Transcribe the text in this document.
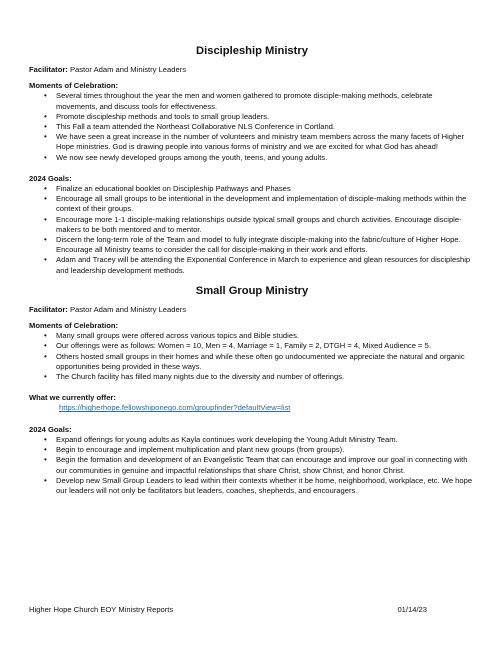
Discipleship Ministry
Facilitator: Pastor Adam and Ministry Leaders
Moments of Celebration:
• Several times throughout the year the men and women gathered to promote disciple-making methods, celebrate movements, and discuss tools for effectiveness.
• Promote discipleship methods and tools to small group leaders.
• This Fall a team attended the Northeast Collaborative NLS Conference in Cortland.
• We have seen a great increase in the number of volunteers and ministry team members across the many facets of Higher Hope ministries. God is drawing people into various forms of ministry and we are excited for what God has ahead!
• We now see newly developed groups among the youth, teens, and young adults.
2024 Goals:
• Finalize an educational booklet on Discipleship Pathways and Phases
• Encourage all small groups to be intentional in the development and implementation of disciple-making methods within the context of their groups.
• Encourage more 1-1 disciple-making relationships outside typical small groups and church activities. Encourage disciple-makers to be both mentored and to mentor.
• Discern the long-term role of the Team and model to fully integrate disciple-making into the fabric/culture of Higher Hope. Encourage all Ministry teams to consider the call for disciple-making in their work and efforts.
• Adam and Tracey will be attending the Exponential Conference in March to experience and glean resources for discipleship and leadership development methods.
Small Group Ministry
Facilitator: Pastor Adam and Ministry Leaders
Moments of Celebration:
• Many small groups were offered across various topics and Bible studies.
• Our offerings were as follows: Women = 10, Men = 4, Marriage = 1, Family = 2, DTGH = 4, Mixed Audience = 5.
• Others hosted small groups in their homes and while these often go undocumented we appreciate the natural and organic opportunities being provided in these ways.
• The Church facility has filled many nights due to the diversity and number of offerings.
What we currently offer:
https://higherhope.fellowshiponego.com/groupfinder?defaultView=list
2024 Goals:
• Expand offerings for young adults as Kayla continues work developing the Young Adult Ministry Team.
• Begin to encourage and implement multiplication and plant new groups (from groups).
• Begin the formation and development of an Evangelistic Team that can encourage and improve our goal in connecting with our communities in genuine and impactful relationships that share Christ, show Christ, and honor Christ.
• Develop new Small Group Leaders to lead within their contexts whether it be home, neighborhood, workplace, etc. We hope our leaders will not only be facilitators but leaders, coaches, shepherds, and encouragers.
Higher Hope Church EOY Ministry Reports	01/14/23
